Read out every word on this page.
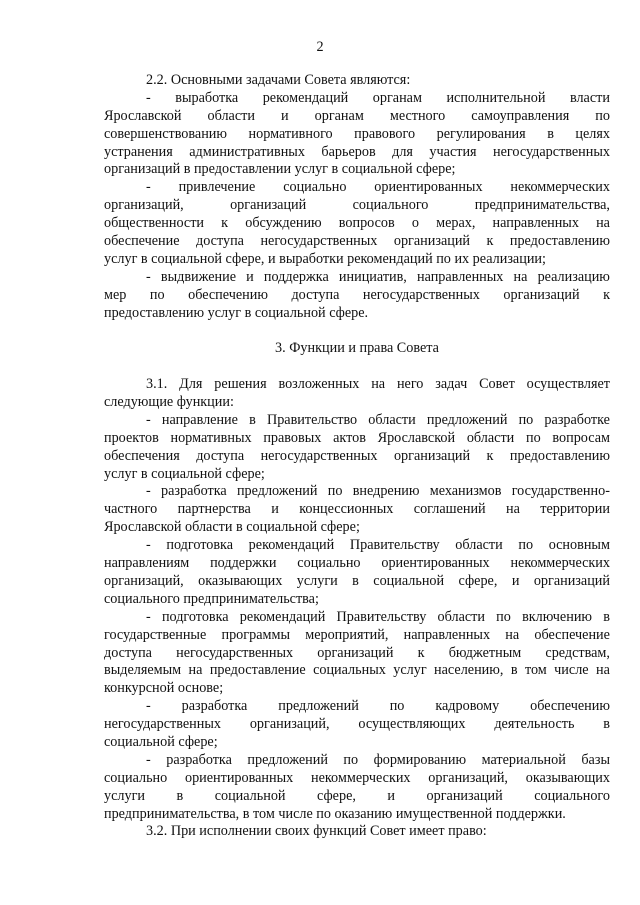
2
2.2. Основными задачами Совета являются:
- выработка рекомендаций органам исполнительной власти
Ярославской области и органам местного самоуправления по
совершенствованию нормативного правового регулирования в целях
устранения административных барьеров для участия негосударственных
организаций в предоставлении услуг в социальной сфере;
- привлечение социально ориентированных некоммерческих
организаций,	организаций	социального	предпринимательства,
общественности к обсуждению вопросов о мерах, направленных на
обеспечение доступа негосударственных организаций к предоставлению
услуг в социальной сфере, и выработки рекомендаций по их реализации;
- выдвижение и поддержка инициатив, направленных на реализацию
мер по обеспечению доступа негосударственных организаций к
предоставлению услуг в социальной сфере.
3. Функции и права Совета
3.1. Для решения возложенных на него задач Совет осуществляет
следующие функции:
- направление в Правительство области предложений по разработке
проектов нормативных правовых актов Ярославской области по вопросам
обеспечения доступа негосударственных организаций к предоставлению
услуг в социальной сфере;
- разработка предложений по внедрению механизмов государственно-
частного партнерства и концессионных соглашений на территории
Ярославской области в социальной сфере;
- подготовка рекомендаций Правительству области по основным
направлениям поддержки социально ориентированных некоммерческих
организаций, оказывающих услуги в социальной сфере, и организаций
социального предпринимательства;
- подготовка рекомендаций Правительству области по включению в
государственные программы мероприятий, направленных на обеспечение
доступа негосударственных организаций к бюджетным средствам,
выделяемым на предоставление социальных услуг населению, в том числе на
конкурсной основе;
- разработка предложений по кадровому обеспечению
негосударственных организаций, осуществляющих деятельность в
социальной сфере;
- разработка предложений по формированию материальной базы
социально ориентированных некоммерческих организаций, оказывающих
услуги в социальной сфере, и организаций социального
предпринимательства, в том числе по оказанию имущественной поддержки.
3.2. При исполнении своих функций Совет имеет право:
